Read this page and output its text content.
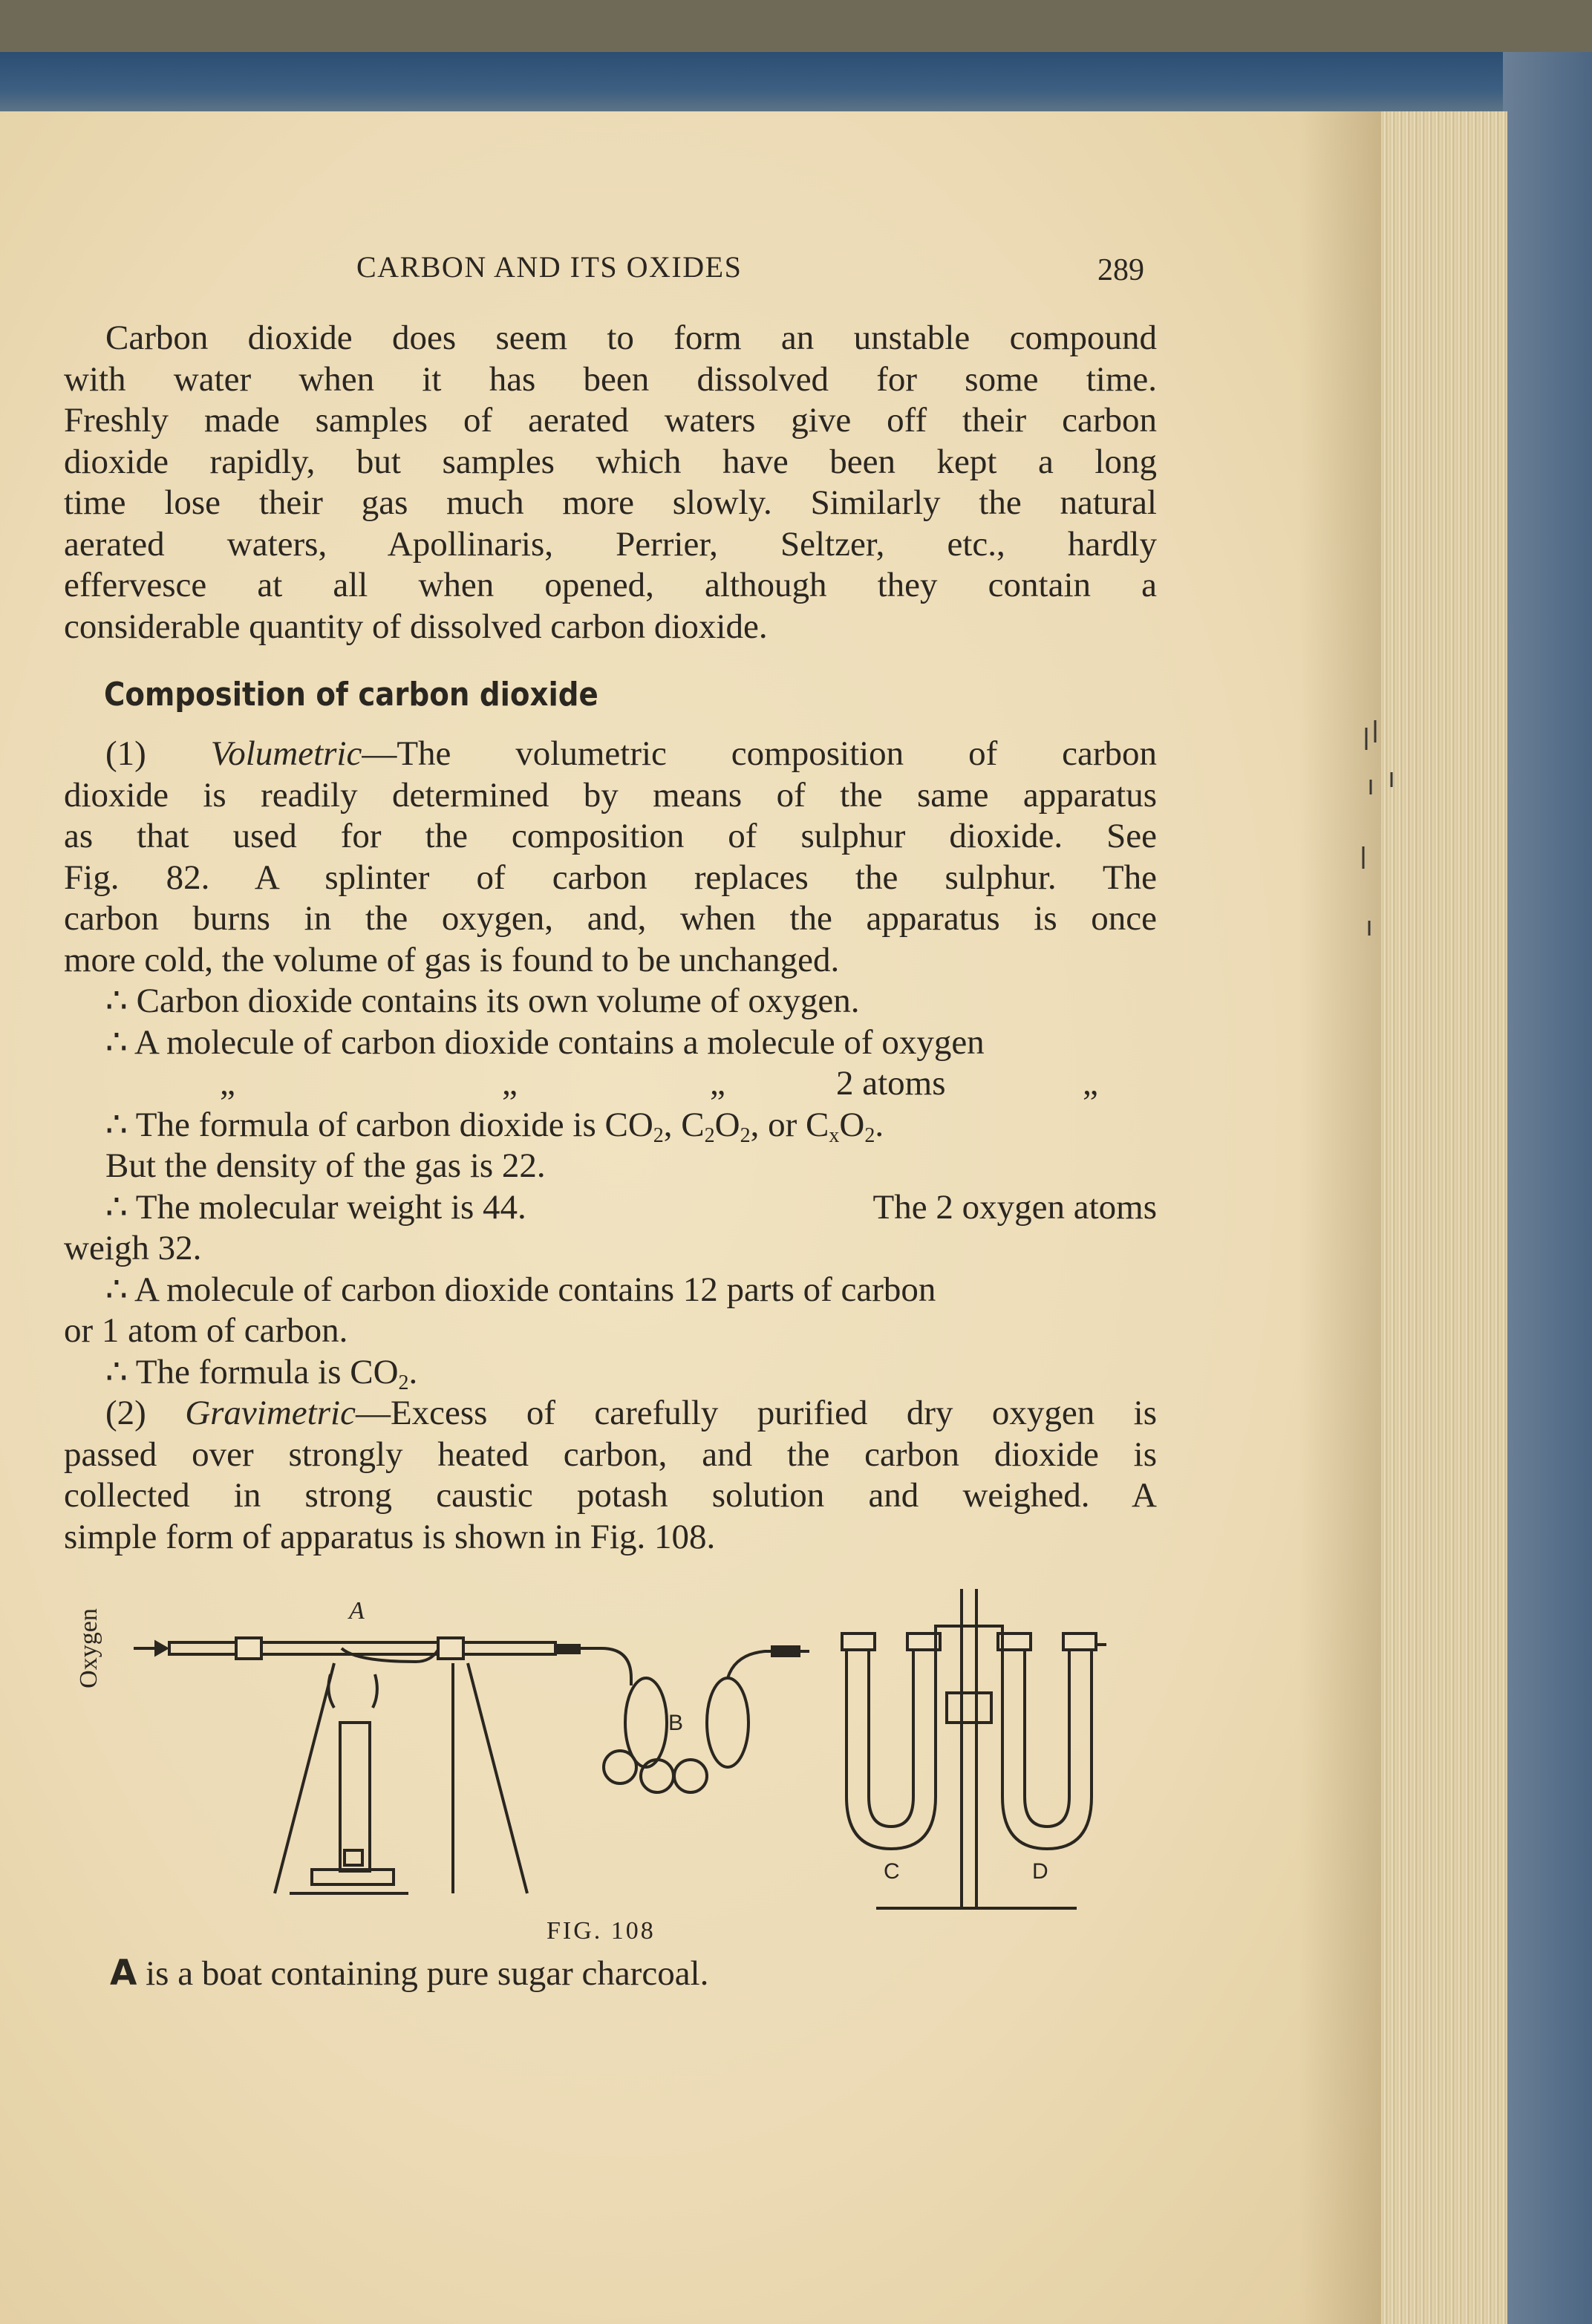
CARBON AND ITS OXIDES	289
Carbon dioxide does seem to form an unstable compound
with water when it has been dissolved for some time.
Freshly made samples of aerated waters give off their carbon
dioxide rapidly, but samples which have been kept a long
time lose their gas much more slowly. Similarly the natural
aerated waters, Apollinaris, Perrier, Seltzer, etc., hardly
effervesce at all when opened, although they contain a
considerable quantity of dissolved carbon dioxide.
Composition of carbon dioxide
(1) Volumetric—The volumetric composition of carbon
dioxide is readily determined by means of the same apparatus
as that used for the composition of sulphur dioxide. See
Fig. 82. A splinter of carbon replaces the sulphur. The
carbon burns in the oxygen, and, when the apparatus is once
more cold, the volume of gas is found to be unchanged.
∴ Carbon dioxide contains its own volume of oxygen.
∴ A molecule of carbon dioxide contains a molecule of oxygen
„	„	„	2 atoms	„
∴ The formula of carbon dioxide is $CO_2$, $C_2O_2$, or $C_xO_2$.
But the density of the gas is 22.
∴ The molecular weight is 44.	The 2 oxygen atoms
weigh 32.
∴ A molecule of carbon dioxide contains 12 parts of carbon
or 1 atom of carbon.
∴ The formula is $CO_2$.
(2) Gravimetric—Excess of carefully purified dry oxygen is
passed over strongly heated carbon, and the carbon dioxide is
collected in strong caustic potash solution and weighed. A
simple form of apparatus is shown in Fig. 108.
Oxygen	A
B
C	D
FIG. 108
A is a boat containing pure sugar charcoal.
